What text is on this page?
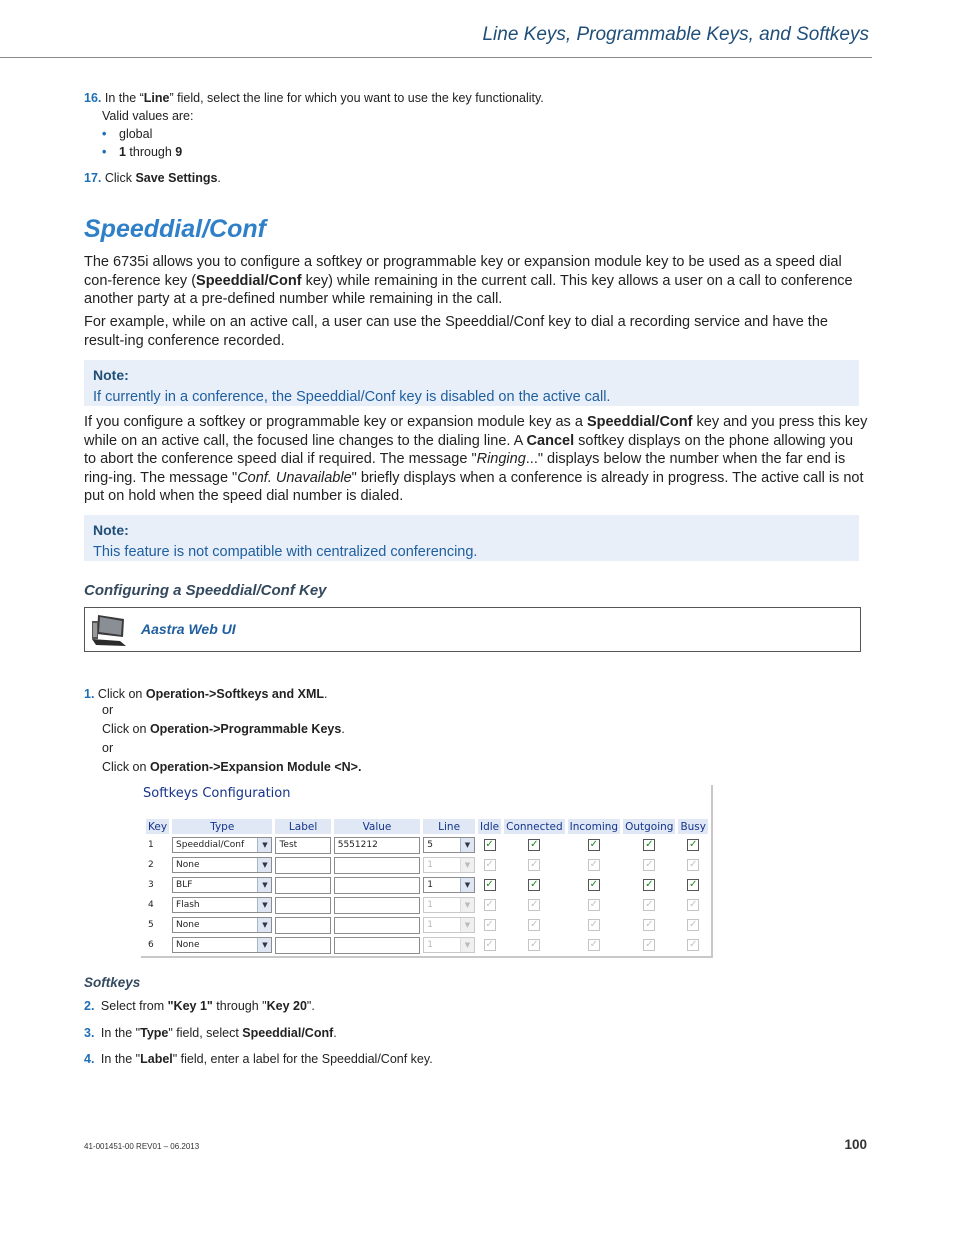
Line Keys, Programmable Keys, and Softkeys
16. In the “Line” field, select the line for which you want to use the key functionality.
Valid values are:
• global
• 1 through 9
17. Click Save Settings.
Speeddial/Conf
The 6735i allows you to configure a softkey or programmable key or expansion module key to be used as a speed dial con-ference key (Speeddial/Conf key) while remaining in the current call. This key allows a user on a call to conference another party at a pre-defined number while remaining in the call.
For example, while on an active call, a user can use the Speeddial/Conf key to dial a recording service and have the result-ing conference recorded.
Note:
If currently in a conference, the Speeddial/Conf key is disabled on the active call.
If you configure a softkey or programmable key or expansion module key as a Speeddial/Conf key and you press this key while on an active call, the focused line changes to the dialing line. A Cancel softkey displays on the phone allowing you to abort the conference speed dial if required. The message "Ringing..." displays below the number when the far end is ring-ing. The message "Conf. Unavailable" briefly displays when a conference is already in progress. The active call is not put on hold when the speed dial number is dialed.
Note:
This feature is not compatible with centralized conferencing.
Configuring a Speeddial/Conf Key
Aastra Web UI
1. Click on Operation->Softkeys and XML.
or
Click on Operation->Programmable Keys.
or
Click on Operation->Expansion Module <N>.
Softkeys Configuration
Key	Type	Label	Value	Line	Idle	Connected	Incoming	Outgoing	Busy
1	Speeddial/Conf ▼	Test	5551212	5 ▼	✓	✓	✓	✓	✓

2	None ▼			1 ▼	✓	✓	✓	✓	✓

3	BLF ▼			1 ▼	✓	✓	✓	✓	✓

4	Flash ▼			1 ▼	✓	✓	✓	✓	✓

5	None ▼			1 ▼	✓	✓	✓	✓	✓

6	None ▼			1 ▼	✓	✓	✓	✓	✓
Softkeys
2. Select from "Key 1" through "Key 20".
3. In the "Type" field, select Speeddial/Conf.
4. In the "Label" field, enter a label for the Speeddial/Conf key.
41-001451-00 REV01 – 06.2013	100
